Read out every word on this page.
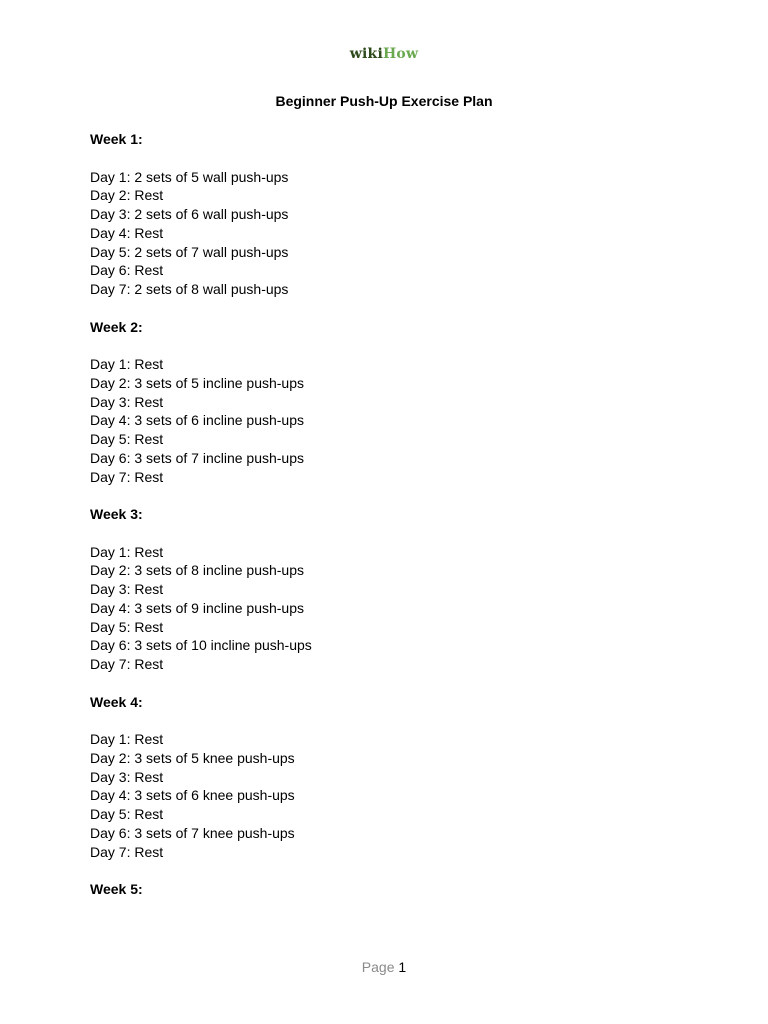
wikiHow
Beginner Push-Up Exercise Plan
Week 1:
Day 1: 2 sets of 5 wall push-ups
Day 2: Rest
Day 3: 2 sets of 6 wall push-ups
Day 4: Rest
Day 5: 2 sets of 7 wall push-ups
Day 6: Rest
Day 7: 2 sets of 8 wall push-ups
Week 2:
Day 1: Rest
Day 2: 3 sets of 5 incline push-ups
Day 3: Rest
Day 4: 3 sets of 6 incline push-ups
Day 5: Rest
Day 6: 3 sets of 7 incline push-ups
Day 7: Rest
Week 3:
Day 1: Rest
Day 2: 3 sets of 8 incline push-ups
Day 3: Rest
Day 4: 3 sets of 9 incline push-ups
Day 5: Rest
Day 6: 3 sets of 10 incline push-ups
Day 7: Rest
Week 4:
Day 1: Rest
Day 2: 3 sets of 5 knee push-ups
Day 3: Rest
Day 4: 3 sets of 6 knee push-ups
Day 5: Rest
Day 6: 3 sets of 7 knee push-ups
Day 7: Rest
Week 5:
Page 1
